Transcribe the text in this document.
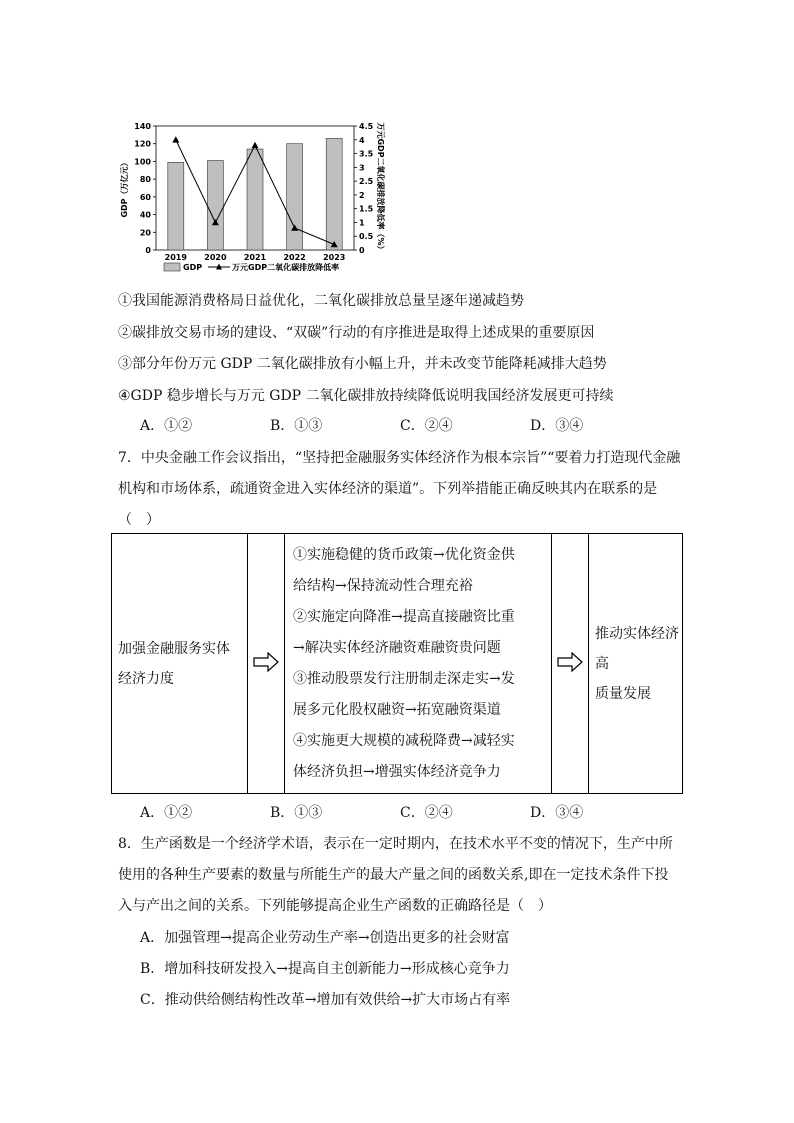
0
20
40
60
80
100
120
140
0
0.5
1
1.5
2
2.5
3
3.5
4
4.5
GDP（万亿元）	万元GDP二氧化碳排放降低率（%）
2019 2020 2021 2022 2023
GDP	万元GDP二氧化碳排放降低率
①我国能源消费格局日益优化，二氧化碳排放总量呈逐年递减趋势
②碳排放交易市场的建设、“双碳”行动的有序推进是取得上述成果的重要原因
③部分年份万元 GDP 二氧化碳排放有小幅上升，并未改变节能降耗减排大趋势
④GDP 稳步增长与万元 GDP 二氧化碳排放持续降低说明我国经济发展更可持续
A．①②	B．①③	C．②④	D．③④
7．中央金融工作会议指出，“坚持把金融服务实体经济作为根本宗旨”“要着力打造现代金融
机构和市场体系，疏通资金进入实体经济的渠道”。下列举措能正确反映其内在联系的是
（　）
加强金融服务实体
经济力度

①实施稳健的货币政策→优化资金供
给结构→保持流动性合理充裕
②实施定向降准→提高直接融资比重
→解决实体经济融资难融资贵问题
③推动股票发行注册制走深走实→发
展多元化股权融资→拓宽融资渠道
④实施更大规模的减税降费→减轻实
体经济负担→增强实体经济竞争力

推动实体经济高
质量发展
A．①②	B．①③	C．②④	D．③④
8．生产函数是一个经济学术语，表示在一定时期内，在技术水平不变的情况下，生产中所
使用的各种生产要素的数量与所能生产的最大产量之间的函数关系,即在一定技术条件下投
入与产出之间的关系。下列能够提高企业生产函数的正确路径是（　）
A．加强管理→提高企业劳动生产率→创造出更多的社会财富
B．增加科技研发投入→提高自主创新能力→形成核心竞争力
C．推动供给侧结构性改革→增加有效供给→扩大市场占有率
